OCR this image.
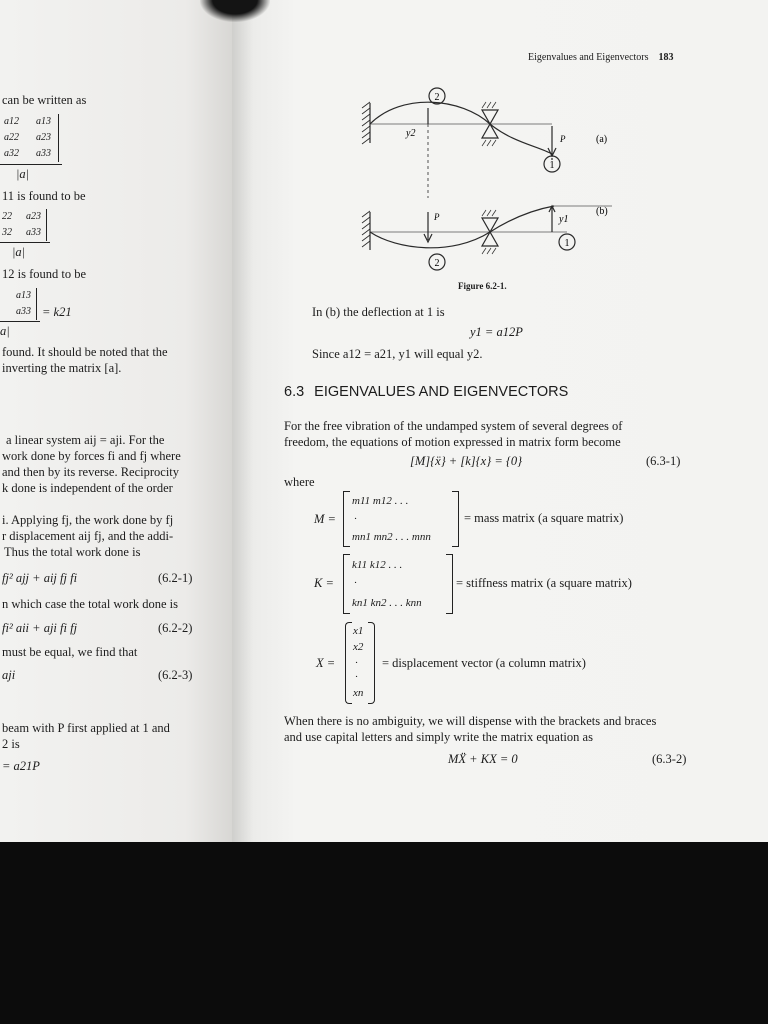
can be written as
a12 a13
a22 a23
a32 a33
|a|
11 is found to be
22 a23
32 a33
|a|
12 is found to be
a13
a33 = k21
a|
found. It should be noted that the
inverting the matrix [a].
a linear system aij = aji. For the
work done by forces fi and fj where
and then by its reverse. Reciprocity
k done is independent of the order
i. Applying fj, the work done by fj
r displacement aij fj, and the addi-
Thus the total work done is
fj² ajj + aij fj fi	(6.2-1)
n which case the total work done is
fi² aii + aji fi fj	(6.2-2)
must be equal, we find that
aji	(6.2-3)
beam with P first applied at 1 and
2 is
= a21P
Eigenvalues and Eigenvectors 183
2
1
2
1
y2	P
P	y1
(a)
(b)
Figure 6.2-1.
In (b) the deflection at 1 is
y1 = a12P
Since a12 = a21, y1 will equal y2.
6.3 EIGENVALUES AND EIGENVECTORS
For the free vibration of the undamped system of several degrees of
freedom, the equations of motion expressed in matrix form become
[M]{ẍ} + [k]{x} = {0}	(6.3-1)
where
M =
m11 m12 . . .
·
mn1 mn2 . . . mnn
= mass matrix (a square matrix)
K =
k11 k12 . . .
·
kn1 kn2 . . . knn
= stiffness matrix (a square matrix)
X =
x1
x2
·
·
xn
= displacement vector (a column matrix)
When there is no ambiguity, we will dispense with the brackets and braces
and use capital letters and simply write the matrix equation as
MẌ + KX = 0	(6.3-2)
